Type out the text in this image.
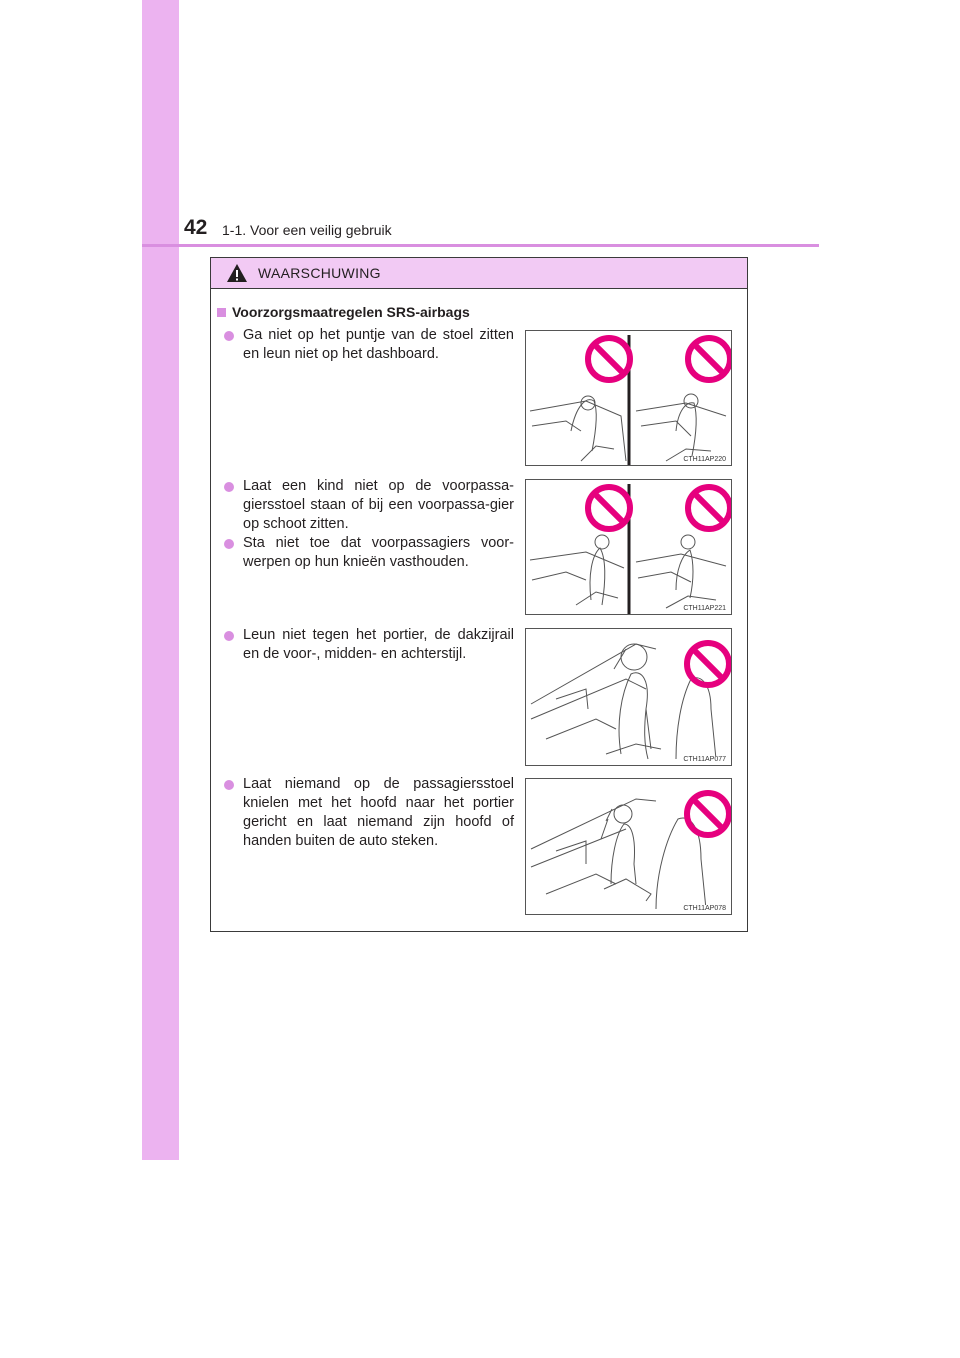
42 1-1. Voor een veilig gebruik
WAARSCHUWING
Voorzorgsmaatregelen SRS-airbags
Ga niet op het puntje van de stoel zitten en leun niet op het dashboard.
Laat een kind niet op de voorpassa-giersstoel staan of bij een voorpassa-gier op schoot zitten.
Sta niet toe dat voorpassagiers voor-werpen op hun knieën vasthouden.
Leun niet tegen het portier, de dakzijrail en de voor-, midden- en achterstijl.
Laat niemand op de passagiersstoel knielen met het hoofd naar het portier gericht en laat niemand zijn hoofd of handen buiten de auto steken.
CTH11AP220
CTH11AP221
CTH11AP077
CTH11AP078
